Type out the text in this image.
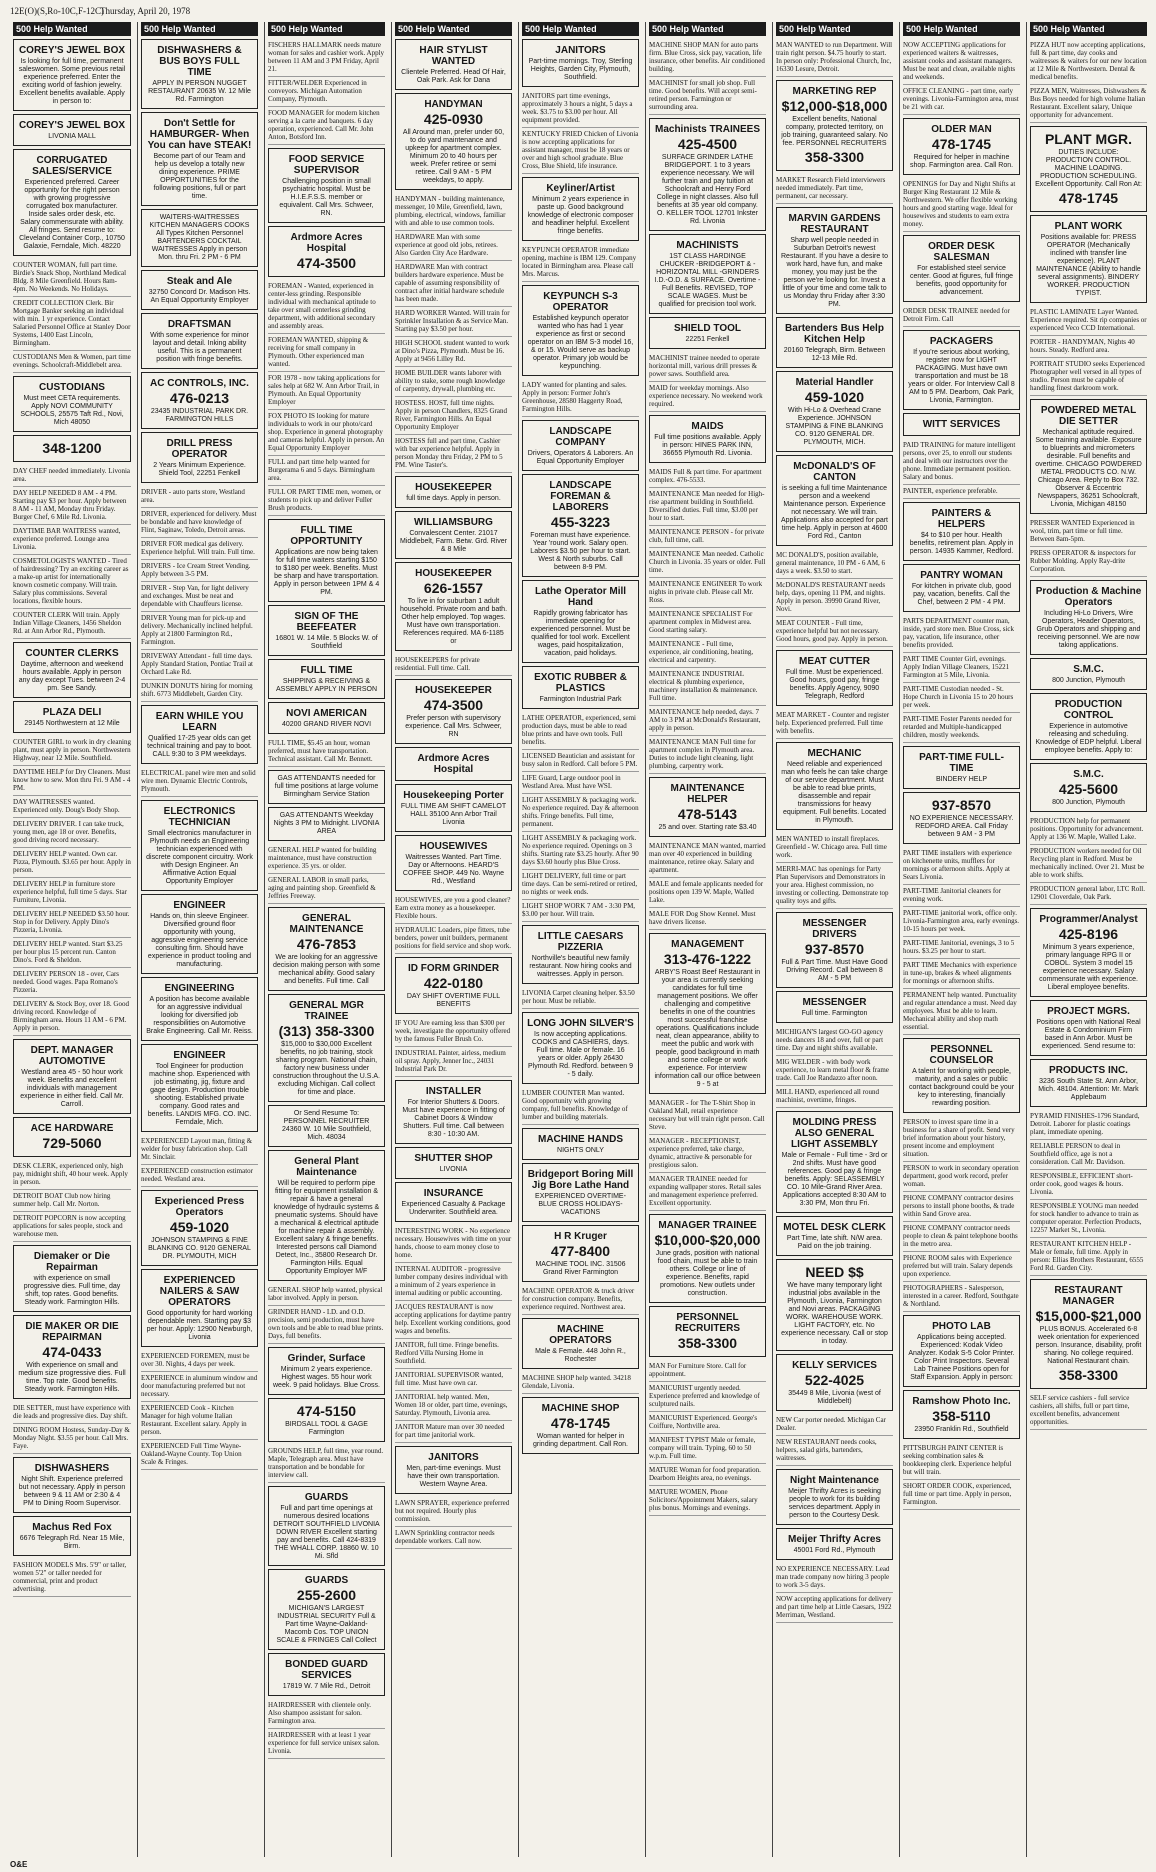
12E(O)(S,Ro-10C,F-12C)
Thursday, April 20, 1978
500 Help Wanted
COREY'S JEWEL BOX
Is looking for full time, permanent saleswomen. Some previous retail experience preferred. Enter the exciting world of fashion jewelry. Excellent benefits available. Apply in person to:
COREY'S JEWEL BOX
LIVONIA MALL
CORRUGATED SALES/SERVICE
Experienced preferred. Career opportunity for the right person with growing progressive corrugated box manufacturer. Inside sales order desk, etc. Salary commensurate with ability. All fringes. Send resume to: Cleveland Container Corp., 10750 Galaxie, Ferndale, Mich. 48220
COUNTER WOMAN, full part time. Birdie's Snack Shop, Northland Medical Bldg. 8 Mile Greenfield. Hours 8am-4pm. No Weekends. No Holidays.
CREDIT COLLECTION Clerk. Bir Mortgage Banker seeking an individual with min. 1 yr experience. Contact Salaried Personnel Office at Stanley Door Systems, 1400 East Lincoln, Birmingham.
CUSTODIANS Men & Women, part time evenings. Schoolcraft-Middlebelt area.
CUSTODIANS
Must meet CETA requirements. Apply NOVI COMMUNITY SCHOOLS, 25575 Taft Rd., Novi, Mich 48050
348-1200
DAY CHEF needed immediately. Livonia area.
DAY HELP NEEDED 8 AM - 4 PM. Starting pay $3 per hour. Apply between 8 AM - 11 AM, Monday thru Friday. Burger Chef, 6 Mile Rd. Livonia.
DAYTIME BAR WAITRESS wanted, experience preferred. Lounge area Livonia.
COSMETOLOGISTS WANTED - Tired of hairdressing? Try an exciting career as a make-up artist for internationally known cosmetic company. Will train. Salary plus commissions. Several locations, flexible hours.
COUNTER CLERK Will train. Apply Indian Village Cleaners, 1456 Sheldon Rd. at Ann Arbor Rd., Plymouth.
COUNTER CLERKS
Daytime, afternoon and weekend hours available. Apply in person any day except Tues. between 2-4 pm. See Sandy.
PLAZA DELI
29145 Northwestern at 12 Mile
COUNTER GIRL to work in dry cleaning plant, must apply in person. Northwestern Highway, near 12 Mile. Southfield.
DAYTIME HELP for Dry Cleaners. Must know how to sew. Mon thru Fri. 9 AM - 4 PM.
DAY WAITRESSES wanted. Experienced only. Doug's Body Shop.
DELIVERY DRIVER. I can take truck, young men, age 18 or over. Benefits, good driving record necessary.
DELIVERY HELP wanted. Own car. Pizza, Plymouth. $3.65 per hour. Apply in person.
DELIVERY HELP in furniture store experience helpful, full time 5 days. Star Furniture, Livonia.
DELIVERY HELP NEEDED $3.50 hour. Stop in for Delivery. Apply Dino's Pizzeria, Livonia.
DELIVERY HELP wanted. Start $3.25 per hour plus 15 percent run. Canton Dino's. Ford & Sheldon.
DELIVERY PERSON 18 - over, Cars needed. Good wages. Papa Romano's Pizzeria.
DELIVERY & Stock Boy, over 18. Good driving record. Knowledge of Birmingham area. Hours 11 AM - 6 PM. Apply in person.
DEPT. MANAGER AUTOMOTIVE
Westland area 45 - 50 hour work week. Benefits and excellent individuals with management experience in either field. Call Mr. Carroll.
ACE HARDWARE
729-5060
DESK CLERK, experienced only, high pay, midnight shift, 40 hour week. Apply in person.
DETROIT BOAT Club now hiring summer help. Call Mr. Norton.
DETROIT POPCORN is now accepting applications for sales people, stock and warehouse men.
Diemaker or Die Repairman
with experience on small progressive dies. Full time, day shift, top rates. Good benefits. Steady work. Farmington Hills.
DIE MAKER OR DIE REPAIRMAN
474-0433
With experience on small and medium size progressive dies. Full time. Top rate. Good benefits. Steady work. Farmington Hills.
DIE SETTER, must have experience with die leads and progressive dies. Day shift.
DINING ROOM Hostess, Sunday-Day & Monday Night. $3.55 per hour. Call Mrs. Faye.
DISHWASHERS
Night Shift. Experience preferred but not necessary. Apply in person between 9 & 11 AM or 2:30 & 4 PM to Dining Room Supervisor.
Machus Red Fox
6676 Telegraph Rd. Near 15 Mile, Birm.
FASHION MODELS Mrs. 5'9" or taller, women 5'2" or taller needed for commercial, print and product advertising.
500 Help Wanted
DISHWASHERS & BUS BOYS FULL TIME
APPLY IN PERSON NUGGET RESTAURANT 20635 W. 12 Mile Rd. Farmington
Don't Settle for HAMBURGER- When You can have STEAK!
Become part of our Team and help us develop a totally new dining experience. PRIME OPPORTUNITIES for the following positions, full or part time.
WAITERS-WAITRESSES KITCHEN MANAGERS COOKS All Types Kitchen Personnel BARTENDERS COCKTAIL WAITRESSES Apply in person Mon. thru Fri. 2 PM - 6 PM
Steak and Ale
32750 Concord Dr. Madison Hts. An Equal Opportunity Employer
DRAFTSMAN
With some experience for minor layout and detail. Inking ability useful. This is a permanent position with fringe benefits.
AC CONTROLS, INC.
476-0213
23435 INDUSTRIAL PARK DR. FARMINGTON HILLS
DRILL PRESS OPERATOR
2 Years Minimum Experience. Shield Tool, 22251 Fenkell
DRIVER - auto parts store, Westland area.
DRIVER, experienced for delivery. Must be bondable and have knowledge of Flint, Saginaw, Toledo, Detroit areas.
DRIVER FOR medical gas delivery. Experience helpful. Will train. Full time.
DRIVERS - Ice Cream Street Vending. Apply between 3-5 PM.
DRIVER - Step Van, for light delivery and exchanges. Must be neat and dependable with Chauffeurs license.
DRIVER Young man for pick-up and delivery. Mechanically inclined helpful. Apply at 21800 Farmington Rd., Farmington.
DRIVEWAY Attendant - full time days. Apply Standard Station, Pontiac Trail at Orchard Lake Rd.
DUNKIN DONUTS hiring for morning shift. 6773 Middlebelt, Garden City.
EARN WHILE YOU LEARN
Qualified 17-25 year olds can get technical training and pay to boot. CALL 9:30 to 3 PM weekdays.
ELECTRICAL panel wire men and solid wire men. Dynamic Electric Controls, Plymouth.
ELECTRONICS TECHNICIAN
Small electronics manufacturer in Plymouth needs an Engineering technician experienced with discrete component circuitry. Work with Design Engineer. An Affirmative Action Equal Opportunity Employer
ENGINEER
Hands on, thin sleeve Engineer. Diversified ground floor opportunity with young, aggressive engineering service consulting firm. Should have experience in product tooling and manufacturing.
ENGINEERING
A position has become available for an aggressive individual looking for diversified job responsibilities on Automotive Brake Engineering. Call Mr. Reiss.
ENGINEER
Tool Engineer for production machine shop. Experienced with job estimating, jig, fixture and gage design. Production trouble shooting. Established private company. Good rates and benefits. LANDIS MFG. CO. INC. Ferndale, Mich.
EXPERIENCED Layout man, fitting & welder for busy fabrication shop. Call Mr. Sinclair.
EXPERIENCED construction estimator needed. Westland area.
Experienced Press Operators
459-1020
JOHNSON STAMPING & FINE BLANKING CO. 9120 GENERAL DR. PLYMOUTH, MICH
EXPERIENCED NAILERS & SAW OPERATORS
Good opportunity for hard working dependable men. Starting pay $3 per hour. Apply: 12900 Newburgh, Livonia
EXPERIENCED FOREMEN, must be over 30. Nights, 4 days per week.
EXPERIENCE in aluminum window and door manufacturing preferred but not necessary.
EXPERIENCED Cook - Kitchen Manager for high volume Italian Restaurant. Excellent salary. Apply in person.
EXPERIENCED Full Time Wayne-Oakland-Wayne County. Top Union Scale & Fringes.
500 Help Wanted
FISCHERS HALLMARK needs mature woman for sales and cashier work. Apply between 11 AM and 3 PM Friday, April 21.
FITTER/WELDER Experienced in conveyors. Michigan Automation Company, Plymouth.
FOOD MANAGER for modern kitchen serving a la carte and banquets. 6 day operation, experienced. Call Mr. John Anton, Botsford Inn.
FOOD SERVICE SUPERVISOR
Challenging position in small psychiatric hospital. Must be H.I.E.F.S.S. member or equivalent. Call Mrs. Schweer, RN.
Ardmore Acres Hospital
474-3500
FOREMAN - Wanted, experienced in center-less grinding. Responsible individual with mechanical aptitude to take over small centerless grinding department, with additional secondary and assembly areas.
FOREMAN WANTED, shipping & receiving for small company in Plymouth. Other experienced man wanted.
FOR 1978 - now taking applications for sales help at 682 W. Ann Arbor Trail, in Plymouth. An Equal Opportunity Employer
FOX PHOTO IS looking for mature individuals to work in our photo/card shop. Experience in general photography and cameras helpful. Apply in person. An Equal Opportunity Employer
FULL and part time help wanted for Burgerama 6 and 5 days. Birmingham area.
FULL OR PART TIME men, women, or students to pick up and deliver Fuller Brush products.
FULL TIME OPPORTUNITY
Applications are now being taken for full time waiters starting $150 to $180 per week. Benefits. Must be sharp and have transportation. Apply in person between 1PM & 4 PM.
SIGN OF THE BEEFEATER
16801 W. 14 Mile. 5 Blocks W. of Southfield
FULL TIME
SHIPPING & RECEIVING & ASSEMBLY APPLY IN PERSON
NOVI AMERICAN
40200 GRAND RIVER NOVI
FULL TIME, $5.45 an hour, woman preferred, must have transportation. Technical assistant. Call Mr. Bennett.
GAS ATTENDANTS needed for full time positions at large volume Birmingham Service Station
GAS ATTENDANTS Weekday Nights 3 PM to Midnight. LIVONIA AREA
GENERAL HELP wanted for building maintenance, must have construction experience. 35 yrs. or older.
GENERAL LABOR in small parks, aging and painting shop. Greenfield & Jeffries Freeway.
GENERAL MAINTENANCE
476-7853
We are looking for an aggressive decision making person with some mechanical ability. Good salary and benefits. Full time. Call
GENERAL MGR TRAINEE
(313) 358-3300
$15,000 to $30,000 Excellent benefits, no job training, stock sharing program. National chain, factory new business under construction throughout the U.S.A. excluding Michigan. Call collect for time and place.
Or Send Resume To: PERSONNEL RECRUITER 24360 W. 10 Mile Southfield, Mich. 48034
General Plant Maintenance
Will be required to perform pipe fitting for equipment installation & repair & have a general knowledge of hydraulic systems & pneumatic systems. Should have a mechanical & electrical aptitude for machine repair & assembly. Excellent salary & fringe benefits. Interested persons call Diamond Detect, Inc., 35800 Research Dr. Farmington Hills. Equal Opportunity Employer M/F
GENERAL SHOP help wanted, physical labor involved. Apply in person.
GRINDER HAND - I.D. and O.D. precision, semi production, must have own tools and be able to read blue prints. Days, full benefits.
Grinder, Surface
Minimum 2 years experience. Highest wages. 55 hour work week. 9 paid holidays. Blue Cross.
474-5150
BIRDSALL TOOL & GAGE Farmington
GROUNDS HELP, full time, year round. Maple, Telegraph area. Must have transportation and be bondable for interview call.
GUARDS
Full and part time openings at numerous desired locations DETROIT SOUTHFIELD LIVONIA DOWN RIVER Excellent starting pay and benefits. Call 424-8319 THE WHALL CORP. 18860 W. 10 Mi. Sfld
GUARDS
255-2600
MICHIGAN'S LARGEST INDUSTRIAL SECURITY Full & Part time Wayne-Oakland-Macomb Cos. TOP UNION SCALE & FRINGES Call Collect
BONDED GUARD SERVICES
17819 W. 7 Mile Rd., Detroit
HAIRDRESSER with clientele only. Also shampoo assistant for salon. Farmington area.
HAIRDRESSER with at least 1 year experience for full service unisex salon. Livonia.
500 Help Wanted
HAIR STYLIST WANTED
Clientele Preferred. Head Of Hair, Oak Park. Ask for Dana
HANDYMAN
425-0930
All Around man, prefer under 60, to do yard maintenance and upkeep for apartment complex. Minimum 20 to 40 hours per week. Prefer retiree or semi retiree. Call 9 AM - 5 PM weekdays, to apply.
HANDYMAN - building maintenance, messenger, 10 Mile, Greenfield, lawn, plumbing, electrical, windows, familiar with and able to use common tools.
HARDWARE Man with some experience at good old jobs, retirees. Also Garden City Ace Hardware.
HARDWARE Man with contract builders hardware experience. Must be capable of assuming responsibility of contract after initial hardware schedule has been made.
HARD WORKER Wanted. Will train for Sprinkler Installation & as Service Man. Starting pay $3.50 per hour.
HIGH SCHOOL student wanted to work at Dino's Pizza, Plymouth. Must be 16. Apply at 9456 Lilley Rd.
HOME BUILDER wants laborer with ability to stake, some rough knowledge of carpentry, drywall, plumbing etc.
HOSTESS. HOST, full time nights. Apply in person Chandlers, 8325 Grand River, Farmington Hills. An Equal Opportunity Employer
HOSTESS full and part time, Cashier with bar experience helpful. Apply in person Monday thru Friday, 2 PM to 5 PM. Wine Taster's.
HOUSEKEEPER
full time days. Apply in person.
WILLIAMSBURG
Convalescent Center. 21017 Middlebelt, Farm. Betw. Grd. River & 8 Mile
HOUSEKEEPER
626-1557
To live in for suburban 1 adult household. Private room and bath. Other help employed. Top wages. Must have own transportation. References required. MA 6-1185 or
HOUSEKEEPERS for private residential. Full time. Call.
HOUSEKEEPER
474-3500
Prefer person with supervisory experience. Call Mrs. Schweer, RN
Ardmore Acres Hospital
Housekeeping Porter
FULL TIME AM SHIFT CAMELOT HALL 35100 Ann Arbor Trail Livonia
HOUSEWIVES
Waitresses Wanted. Part Time. Day or Afternoons. HEARD'S COFFEE SHOP. 449 No. Wayne Rd., Westland
HOUSEWIVES, are you a good cleaner? Earn extra money as a housekeeper. Flexible hours.
HYDRAULIC Loaders, pipe fitters, tube benders, power unit builders, permanent positions for field service and shop work.
ID FORM GRINDER
422-0180
DAY SHIFT OVERTIME FULL BENEFITS
IF YOU Are earning less than $300 per week, investigate the opportunity offered by the famous Fuller Brush Co.
INDUSTRIAL Painter, airless, medium oil spray. Apply, Jenner Inc., 24031 Industrial Park Dr.
INSTALLER
For Interior Shutters & Doors. Must have experience in fitting of Cabinet Doors & Window Shutters. Full time. Call between 8:30 - 10:30 AM.
SHUTTER SHOP
LIVONIA
INSURANCE
Experienced Casualty & Package Underwriter. Southfield area.
INTERESTING WORK - No experience necessary. Housewives with time on your hands, choose to earn money close to home.
INTERNAL AUDITOR - progressive lumber company desires individual with a minimum of 2 years experience in internal auditing or public accounting.
JACQUES RESTAURANT is now accepting applications for daytime pantry help. Excellent working conditions, good wages and benefits.
JANITOR, full time. Fringe benefits. Redford Villa Nursing Home in Southfield.
JANITORIAL SUPERVISOR wanted, full time. Must have own car.
JANITORIAL help wanted. Men, Women 18 or older, part time, evenings, Saturday. Plymouth, Livonia area.
JANITOR Mature man over 30 needed for part time janitorial work.
JANITORS
Men, part-time evenings. Must have their own transportation. Western Wayne Area.
LAWN SPRAYER, experience preferred but not required. Hourly plus commission.
LAWN Sprinkling contractor needs dependable workers. Call now.
500 Help Wanted
JANITORS
Part-time mornings. Troy, Sterling Heights, Garden City, Plymouth, Southfield.
JANITORS part time evenings, approximately 3 hours a night, 5 days a week. $3.75 to $3.00 per hour. All equipment provided.
KENTUCKY FRIED Chicken of Livonia is now accepting applications for assistant manager, must be 18 years or over and high school graduate. Blue Cross, Blue Shield, life insurance.
Keyliner/Artist
Minimum 2 years experience in paste up. Good background knowledge of electronic composer and headliner helpful. Excellent fringe benefits.
KEYPUNCH OPERATOR immediate opening, machine is IBM 129. Company located in Birmingham area. Please call Mrs. Marcus.
KEYPUNCH S-3 OPERATOR
Established keypunch operator wanted who has had 1 year experience as first or second operator on an IBM S-3 model 16, & or 15. Would serve as backup operator. Primary job would be keypunching.
LADY wanted for planting and sales. Apply in person: Former John's Greenhouse, 28580 Haggerty Road, Farmington Hills.
LANDSCAPE COMPANY
Drivers, Operators & Laborers. An Equal Opportunity Employer
LANDSCAPE FOREMAN & LABORERS
455-3223
Foreman must have experience. Year 'round work. Salary open. Laborers $3.50 per hour to start. West & North suburbs. Call between 8-9 PM.
Lathe Operator Mill Hand
Rapidly growing fabricator has immediate opening for experienced personnel. Must be qualified for tool work. Excellent wages, paid hospitalization, vacation, paid holidays.
EXOTIC RUBBER & PLASTICS
Farmington Industrial Park
LATHE OPERATOR, experienced, semi production days, must be able to read blue prints and have own tools. Full benefits.
LICENSED Beautician and assistant for busy salon in Redford. Call before 5 PM.
LIFE Guard, Large outdoor pool in Westland Area. Must have WSI.
LIGHT ASSEMBLY & packaging work. No experience required. Day & afternoon shifts. Fringe benefits. Full time, permanent.
LIGHT ASSEMBLY & packaging work. No experience required. Openings on 3 shifts. Starting rate $3.25 hourly. After 90 days $3.60 hourly plus Blue Cross.
LIGHT DELIVERY, full time or part time days. Can be semi-retired or retired, no nights or week ends.
LIGHT SHOP WORK 7 AM - 3:30 PM, $3.00 per hour. Will train.
LITTLE CAESARS PIZZERIA
Northville's beautiful new family restaurant. Now hiring cooks and waitresses. Apply in person.
LIVONIA Carpet cleaning helper. $3.50 per hour. Must be reliable.
LONG JOHN SILVER'S
Is now accepting applications. COOKS and CASHIERS, days. Full time. Male or female. 16 years or older. Apply 26430 Plymouth Rd. Redford. between 9 - 5 daily.
LUMBER COUNTER Man wanted. Good opportunity with growing company, full benefits. Knowledge of lumber and building materials.
MACHINE HANDS
NIGHTS ONLY
Bridgeport Boring Mill Jig Bore Lathe Hand
EXPERIENCED OVERTIME-BLUE CROSS HOLIDAYS-VACATIONS
H R Kruger
477-8400
MACHINE TOOL INC. 31506 Grand River Farmington
MACHINE OPERATOR & truck driver for construction company. Benefits, experience required. Northwest area.
MACHINE OPERATORS
Male & Female. 448 John R., Rochester
MACHINE SHOP help wanted. 34218 Glendale, Livonia.
MACHINE SHOP
478-1745
Woman wanted for helper in grinding department. Call Ron.
500 Help Wanted
MACHINE SHOP MAN for auto parts firm. Blue Cross, sick pay, vacation, life insurance, other benefits. Air conditioned building.
MACHINIST for small job shop. Full time. Good benefits. Will accept semi-retired person. Farmington or surrounding area.
Machinists TRAINEES
425-4500
SURFACE GRINDER LATHE BRIDGEPORT. 1 to 3 years experience necessary. We will further train and pay tuition at Schoolcraft and Henry Ford College in night classes. Also full benefits at 35 year old company. O. KELLER TOOL 12701 Inkster Rd. Livonia
MACHINISTS
1ST CLASS HARDINGE CHUCKER -BRIDGEPORT & -HORIZONTAL MILL -GRINDERS I.D.-O.D. & SURFACE. Overtime - Full Benefits. REVISED, TOP SCALE WAGES. Must be qualified for precision tool work.
SHIELD TOOL
22251 Fenkell
MACHINIST trainee needed to operate horizontal mill, various drill presses & power saws. Southfield area.
MAID for weekday mornings. Also experience necessary. No weekend work required.
MAIDS
Full time positions available. Apply in person: HINES PARK INN, 36655 Plymouth Rd. Livonia.
MAIDS Full & part time. For apartment complex. 476-5533.
MAINTENANCE Man needed for High-rise apartment building in Southfield. Diversified duties. Full time, $3.00 per hour to start.
MAINTENANCE PERSON - for private club, full time, call.
MAINTENANCE Man needed. Catholic Church in Livonia. 35 years or older. Full time.
MAINTENANCE ENGINEER To work nights in private club. Please call Mr. Ross.
MAINTENANCE SPECIALIST For apartment complex in Midwest area. Good starting salary.
MAINTENANCE - Full time, experience, air conditioning, heating, electrical and carpentry.
MAINTENANCE INDUSTRIAL electrical & plumbing experience, machinery installation & maintenance. Full time.
MAINTENANCE help needed, days. 7 AM to 3 PM at McDonald's Restaurant, apply in person.
MAINTENANCE MAN Full time for apartment complex in Plymouth area. Duties to include light cleaning, light plumbing, carpentry work.
MAINTENANCE HELPER
478-5143
25 and over. Starting rate $3.40
MAINTENANCE MAN wanted, married man over 40 experienced in building maintenance, retiree okay. Salary and apartment.
MALE and female applicants needed for positions open 139 W. Maple, Walled Lake.
MALE FOR Dog Show Kennel. Must have drivers license.
MANAGEMENT
313-476-1222
ARBY'S Roast Beef Restaurant in your area is currently seeking candidates for full time management positions. We offer challenging and competitive benefits in one of the countries most successful franchise operations. Qualifications include neat, clean appearance, ability to meet the public and work with people, good background in math and some college or work experience. For interview information call our office between 9 - 5 at
MANAGER - for The T-Shirt Shop in Oakland Mall, retail experience necessary but will train right person. Call Steve.
MANAGER - RECEPTIONIST, experience preferred, take charge, dynamic, attractive & personable for prestigious salon.
MANAGER TRAINEE needed for expanding wallpaper stores. Retail sales and management experience preferred. Excellent opportunity.
MANAGER TRAINEE
$10,000-$20,000
June grads, position with national food chain, must be able to train others. College or line of experience. Benefits, rapid promotions. New outlets under construction.
PERSONNEL RECRUITERS
358-3300
MAN For Furniture Store. Call for appointment.
MANICURIST urgently needed. Experience preferred and knowledge of sculptured nails.
MANICURIST Experienced. George's Coiffure, Northville area.
MANIFEST TYPIST Male or female, company will train. Typing, 60 to 50 w.p.m. Full time.
MATURE Woman for food preparation. Dearborn Heights area, no evenings.
MATURE WOMEN, Phone Solicitors/Appointment Makers, salary plus bonus. Mornings and evenings.
500 Help Wanted
MAN WANTED to run Department. Will train right person. $4.75 hourly to start. In person only: Professional Church, Inc, 16330 Lesure, Detroit.
MARKETING REP
$12,000-$18,000
Excellent benefits, National company, protected territory, on job training, guaranteed salary. No fee. PERSONNEL RECRUITERS
358-3300
MARKET Research Field interviewers needed immediately. Part time, permanent, car necessary.
MARVIN GARDENS RESTAURANT
Sharp well people needed in Suburban Detroit's newest Restaurant. If you have a desire to work hard, have fun, and make money, you may just be the person we're looking for. Invest a little of your time and come talk to us Monday thru Friday after 3:30 PM.
Bartenders Bus Help Kitchen Help
20160 Telegraph, Birm. Between 12-13 Mile Rd.
Material Handler
459-1020
With Hi-Lo & Overhead Crane Experience. JOHNSON STAMPING & FINE BLANKING CO. 9120 GENERAL DR. PLYMOUTH, MICH.
McDONALD'S OF CANTON
is seeking a full time Maintenance person and a weekend Maintenance person. Experience not necessary. We will train. Applications also accepted for part time help. Apply in person at 4600 Ford Rd., Canton
MC DONALD'S, position available, general maintenance, 10 PM - 6 AM, 6 days a week. $3.50 to start.
McDONALD'S RESTAURANT needs help, days, opening 11 PM, and nights. Apply in person. 39990 Grand River, Novi.
MEAT COUNTER - Full time, experience helpful but not necessary. Good hours, good pay. Apply in person.
MEAT CUTTER
Full time. Must be experienced. Good hours, good pay, fringe benefits. Apply Agency, 9090 Telegraph, Redford
MEAT MARKET - Counter and register help. Experienced preferred. Full time with benefits.
MECHANIC
Need reliable and experienced man who feels he can take charge of our service department. Must be able to read blue prints, disassemble and repair transmissions for heavy equipment. Full benefits. Located in Plymouth.
MEN WANTED to install fireplaces. Greenfield - W. Chicago area. Full time work.
MERRI-MAC has openings for Party Plan Supervisors and Demonstrators in your area. Highest commission, no investing or collecting. Demonstrate top quality toys and gifts.
MESSENGER DRIVERS
937-8570
Full & Part Time. Must Have Good Driving Record. Call between 8 AM - 5 PM
MESSENGER
Full time. Farmington
MICHIGAN'S largest GO-GO agency needs dancers 18 and over, full or part time. Day and night shifts available.
MIG WELDER - with body work experience, to learn metal floor & frame trade. Call Joe Randazzo after noon.
MILL HAND, experienced all round machinist, overtime, fringes.
MOLDING PRESS ALSO GENERAL LIGHT ASSEMBLY
Male or Female - Full time - 3rd or 2nd shifts. Must have good references. Good pay & fringe benefits. Apply: SELASSEMBLY CO. 10 Mile-Grand River Area. Applications accepted 8:30 AM to 3:30 PM, Mon thru Fri.
MOTEL DESK CLERK
Part Time, late shift. N/W area. Paid on the job training.
NEED $$
We have many temporary light industrial jobs available in the Plymouth, Livonia, Farmington and Novi areas. PACKAGING WORK. WAREHOUSE WORK. LIGHT FACTORY, etc. No experience necessary. Call or stop in today.
KELLY SERVICES
522-4025
35449 8 Mile, Livonia (west of Middlebelt)
NEW Car porter needed. Michigan Car Dealer.
NEW RESTAURANT needs cooks, helpers, salad girls, bartenders, waitresses.
Night Maintenance
Meijer Thrifty Acres is seeking people to work for its building services department. Apply in person to the Courtesy Desk.
Meijer Thrifty Acres
45001 Ford Rd., Plymouth
NO EXPERIENCE NECESSARY. Lead man trade company now hiring 3 people to work 3-5 days.
NOW accepting applications for delivery and part time help at Little Caesars, 1922 Merriman, Westland.
500 Help Wanted
NOW ACCEPTING applications for experienced waiters & waitresses, assistant cooks and assistant managers. Must be neat and clean, available nights and weekends.
OFFICE CLEANING - part time, early evenings. Livonia-Farmington area, must be 21 with car.
OLDER MAN
478-1745
Required for helper in machine shop. Farmington area. Call Ron.
OPENINGS for Day and Night Shifts at Burger King Restaurant 12 Mile & Northwestern. We offer flexible working hours and good starting wage. Ideal for housewives and students to earn extra money.
ORDER DESK SALESMAN
For established steel service center. Good at figures, full fringe benefits, good opportunity for advancement.
ORDER DESK TRAINEE needed for Detroit Firm. Call
PACKAGERS
If you're serious about working, register now for LIGHT PACKAGING. Must have own transportation and must be 18 years or older. For Interview Call 8 AM to 5 PM. Dearborn, Oak Park, Livonia, Farmington.
WITT SERVICES
PAID TRAINING for mature intelligent persons, over 25, to enroll our students and deal with our instructors over the phone. Immediate permanent position. Salary and bonus.
PAINTER, experience preferable.
PAINTERS & HELPERS
$4 to $10 per hour. Health benefits, retirement plan. Apply in person. 14935 Kammer, Redford.
PANTRY WOMAN
For kitchen in private club, good pay, vacation, benefits. Call the Chef, between 2 PM - 4 PM.
PARTS DEPARTMENT counter man, inside, yard store men. Blue Cross, sick pay, vacation, life insurance, other benefits provided.
PART TIME Counter Girl, evenings. Apply Indian Village Cleaners, 15221 Farmington at 5 Mile, Livonia.
PART-TIME Custodian needed - St. Hope Church in Livonia 15 to 20 hours per week.
PART-TIME Foster Parents needed for retarded and Multiple-handicapped children, mostly weekends.
PART-TIME FULL-TIME
BINDERY HELP
937-8570
NO EXPERIENCE NECESSARY. REDFORD AREA. Call Friday between 9 AM - 3 PM
PART TIME installers with experience on kitchenette units, mufflers for mornings or afternoon shifts. Apply at Sears Livonia.
PART-TIME Janitorial cleaners for evening work.
PART-TIME janitorial work, office only. Livonia-Farmington area, early evenings. 10-15 hours per week.
PART-TIME Janitorial, evenings, 3 to 5 hours. $3.25 per hour to start.
PART TIME Mechanics with experience in tune-up, brakes & wheel alignments for mornings or afternoon shifts.
PERMANENT help wanted. Punctuality and regular attendance a must. Need day employees. Must be able to learn. Mechanical ability and shop math essential.
PERSONNEL COUNSELOR
A talent for working with people, maturity, and a sales or public contact background could be your key to interesting, financially rewarding position.
PERSON to invest spare time in a business for a share of profit. Send very brief information about your history, present income and employment situation.
PERSON to work in secondary operation department, good work record, prefer woman.
PHONE COMPANY contractor desires persons to install phone booths, & trade within Sand Grove area.
PHONE COMPANY contractor needs people to clean & paint telephone booths in the metro area.
PHONE ROOM sales with Experience preferred but will train. Salary depends upon experience.
PHOTOGRAPHERS - Salesperson, interested in a career. Redford, Southgate & Northland.
PHOTO LAB
Applications being accepted. Experienced: Kodak Video Analyzer. Kodak S-5 Color Printer. Color Print Inspectors. Several Lab Trainee Positions open for Staff Expansion. Apply in person:
Ramshow Photo Inc.
358-5110
23950 Franklin Rd., Southfield
PITTSBURGH PAINT CENTER is seeking combination sales & bookkeeping clerk. Experience helpful but will train.
SHORT ORDER COOK, experienced, full time or part time. Apply in person, Farmington.
500 Help Wanted
PIZZA HUT now accepting applications, full & part time, day cooks and waitresses & waiters for our new location at 12 Mile & Northwestern. Dental & medical benefits.
PIZZA MEN, Waitresses, Dishwashers & Bus Boys needed for high volume Italian Restaurant. Excellent salary, Unique opportunity for advancement.
PLANT MGR.
DUTIES INCLUDE: PRODUCTION CONTROL. MACHINE LOADING. PRODUCTION SCHEDULING. Excellent Opportunity. Call Ron At:
478-1745
PLANT WORK
Positions available for: PRESS OPERATOR (Mechanically inclined with transfer line experience). PLANT MAINTENANCE (Ability to handle several assignments). BINDERY WORKER. PRODUCTION TYPIST.
PLASTIC LAMINATE Layer Wanted. Experience required. Sit rip companies or experienced Veco CCD International.
PORTER - HANDYMAN, Nights 40 hours. Steady. Redford area.
PORTRAIT STUDIO seeks Experienced Photographer well versed in all types of studio. Person must be capable of handling finest darkroom work.
POWDERED METAL DIE SETTER
Mechanical aptitude required. Some training available. Exposure to blueprints and micrometers desirable. Full benefits and overtime. CHICAGO POWDERED METAL PRODUCTS CO. N.W. Chicago Area. Reply to Box 732. Observer & Eccentric Newspapers, 36251 Schoolcraft, Livonia, Michigan 48150
PRESSER WANTED Experienced in wool, trim, part time or full time. Between 8am-5pm.
PRESS OPERATOR & inspectors for Rubber Molding. Apply Ray-drite Corporation.
Production & Machine Operators
Including Hi-Lo Drivers, Wire Operators, Header Operators, Grub Operators and shipping and receiving personnel. We are now taking applications.
S.M.C.
800 Junction, Plymouth
PRODUCTION CONTROL
Experience in automotive releasing and scheduling. Knowledge of EDP helpful. Liberal employee benefits. Apply to:
S.M.C.
425-5600
800 Junction, Plymouth
PRODUCTION help for permanent positions. Opportunity for advancement. Apply at 136 W. Maple, Walled Lake.
PRODUCTION workers needed for Oil Recycling plant in Redford. Must be mechanically inclined. Over 21. Must be able to work shifts.
PRODUCTION general labor, LTC Roll. 12901 Cloverdale, Oak Park.
Programmer/Analyst
425-8196
Minimum 3 years experience, primary language RPG II or COBOL. System 3 model 15 experience necessary. Salary commensurate with experience. Liberal employee benefits.
PROJECT MGRS.
Positions open with National Real Estate & Condominium Firm based in Ann Arbor. Must be experienced. Send resume to:
PRODUCTS INC.
3236 South State St. Ann Arbor, Mich. 48104. Attention: Mr. Mark Applebaum
PYRAMID FINISHES-1796 Standard, Detroit. Laborer for plastic coatings plant, immediate opening.
RELIABLE PERSON to deal in Southfield office, age is not a consideration. Call Mr. Davidson.
RESPONSIBLE, EFFICIENT short-order cook, good wages & hours. Livonia.
RESPONSIBLE YOUNG man needed for stock handler to advance to train as computer operator. Perfection Products, 12257 Market St., Livonia.
RESTAURANT KITCHEN HELP - Male or female, full time. Apply in person: Ellias Brothers Restaurant, 6555 Ford Rd. Garden City.
RESTAURANT MANAGER
$15,000-$21,000
PLUS BONUS. Accelerated 6-8 week orientation for experienced person. Insurance, disability, profit sharing. No college required. National Restaurant chain.
358-3300
SELF service cashiers - full service cashiers, all shifts, full or part time, excellent benefits, advancement opportunities.
O&E
